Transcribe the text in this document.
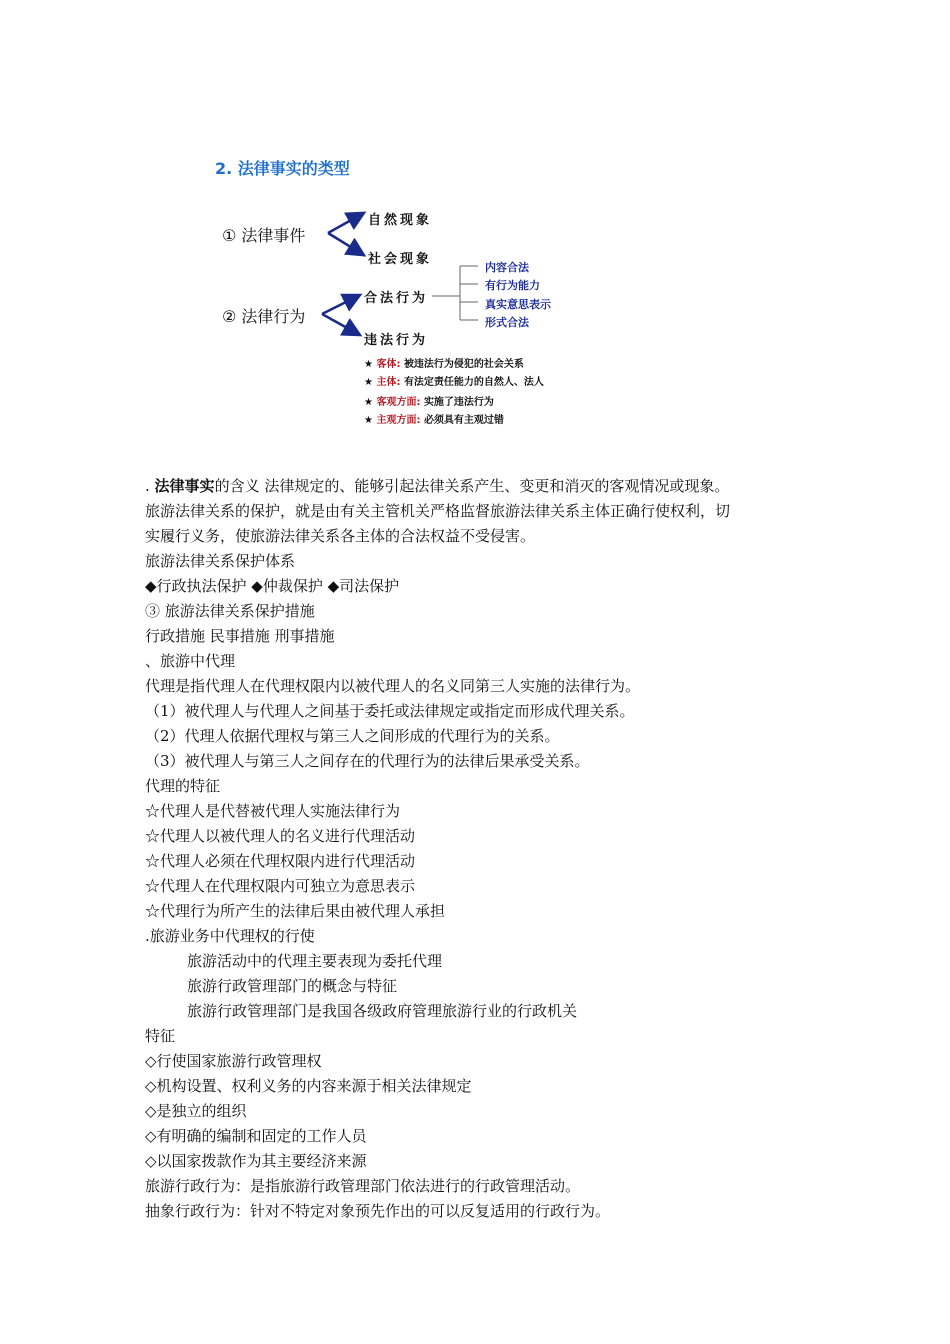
2. 法律事实的类型
① 法律事件
自然现象
社会现象
② 法律行为
合法行为
违法行为
内容合法
有行为能力
真实意思表示
形式合法
★ 客体: 被违法行为侵犯的社会关系
★ 主体: 有法定责任能力的自然人、法人
★ 客观方面: 实施了违法行为
★ 主观方面: 必须具有主观过错
. 法律事实的含义 法律规定的、能够引起法律关系产生、变更和消灭的客观情况或现象。
旅游法律关系的保护，就是由有关主管机关严格监督旅游法律关系主体正确行使权利，切
实履行义务，使旅游法律关系各主体的合法权益不受侵害。
旅游法律关系保护体系
◆行政执法保护 ◆仲裁保护 ◆司法保护
③ 旅游法律关系保护措施
行政措施 民事措施 刑事措施
、旅游中代理
代理是指代理人在代理权限内以被代理人的名义同第三人实施的法律行为。
（1）被代理人与代理人之间基于委托或法律规定或指定而形成代理关系。
（2）代理人依据代理权与第三人之间形成的代理行为的关系。
（3）被代理人与第三人之间存在的代理行为的法律后果承受关系。
代理的特征
☆代理人是代替被代理人实施法律行为
☆代理人以被代理人的名义进行代理活动
☆代理人必须在代理权限内进行代理活动
☆代理人在代理权限内可独立为意思表示
☆代理行为所产生的法律后果由被代理人承担
.旅游业务中代理权的行使
旅游活动中的代理主要表现为委托代理
旅游行政管理部门的概念与特征
旅游行政管理部门是我国各级政府管理旅游行业的行政机关
特征
◇行使国家旅游行政管理权
◇机构设置、权利义务的内容来源于相关法律规定
◇是独立的组织
◇有明确的编制和固定的工作人员
◇以国家拨款作为其主要经济来源
旅游行政行为：是指旅游行政管理部门依法进行的行政管理活动。
抽象行政行为：针对不特定对象预先作出的可以反复适用的行政行为。
